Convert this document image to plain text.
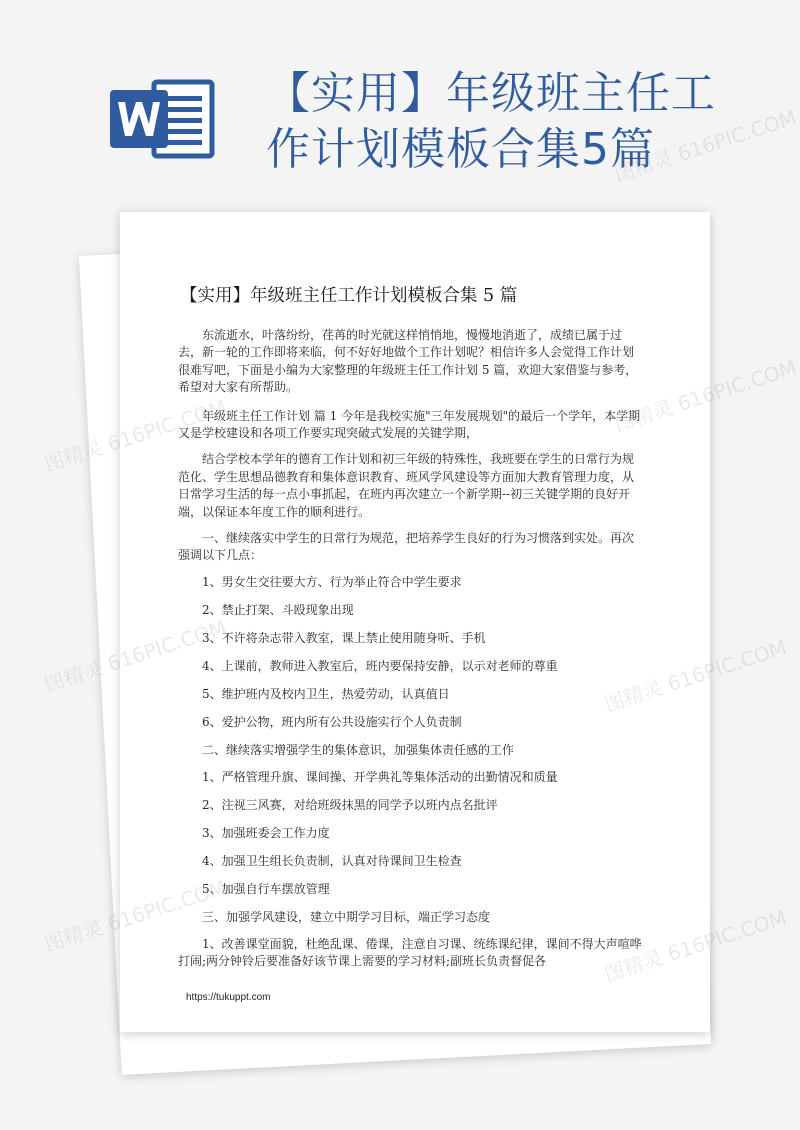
【实用】年级班主任工作计划模板合集5篇
【实用】年级班主任工作计划模板合集 5 篇

东流逝水，叶落纷纷，荏苒的时光就这样悄悄地，慢慢地消逝了，成绩已属于过去，新一轮的工作即将来临，何不好好地做个工作计划呢？相信许多人会觉得工作计划很难写吧，下面是小编为大家整理的年级班主任工作计划 5 篇，欢迎大家借鉴与参考，希望对大家有所帮助。

年级班主任工作计划 篇 1 今年是我校实施"三年发展规划"的最后一个学年，本学期又是学校建设和各项工作要实现突破式发展的关键学期，

结合学校本学年的德育工作计划和初三年级的特殊性，我班要在学生的日常行为规范化、学生思想品德教育和集体意识教育、班风学风建设等方面加大教育管理力度，从日常学习生活的每一点小事抓起，在班内再次建立一个新学期--初三关键学期的良好开端，以保证本年度工作的顺利进行。

一、继续落实中学生的日常行为规范，把培养学生良好的行为习惯落到实处。再次强调以下几点：

1、男女生交往要大方、行为举止符合中学生要求

2、禁止打架、斗殴现象出现

3、不许将杂志带入教室，课上禁止使用随身听、手机

4、上课前，教师进入教室后，班内要保持安静，以示对老师的尊重

5、维护班内及校内卫生，热爱劳动，认真值日

6、爱护公物，班内所有公共设施实行个人负责制

二、继续落实增强学生的集体意识，加强集体责任感的工作

1、严格管理升旗、课间操、开学典礼等集体活动的出勤情况和质量

2、注视三风赛，对给班级抹黑的同学予以班内点名批评

3、加强班委会工作力度

4、加强卫生组长负责制，认真对待课间卫生检查

5、加强自行车摆放管理

三、加强学风建设，建立中期学习目标，端正学习态度

1、改善课堂面貌，杜绝乱课、倦课，注意自习课、统练课纪律，课间不得大声喧哗打闹;两分钟铃后要准备好该节课上需要的学习材料;副班长负责督促各

https://tukuppt.com
图精灵 616PIC.COM	图精灵 616PIC.COM
图精灵 616PIC.COM	图精灵 616PIC.COM
图精灵 616PIC.COM	图精灵 616PIC.COM
图精灵 616PIC.COM
